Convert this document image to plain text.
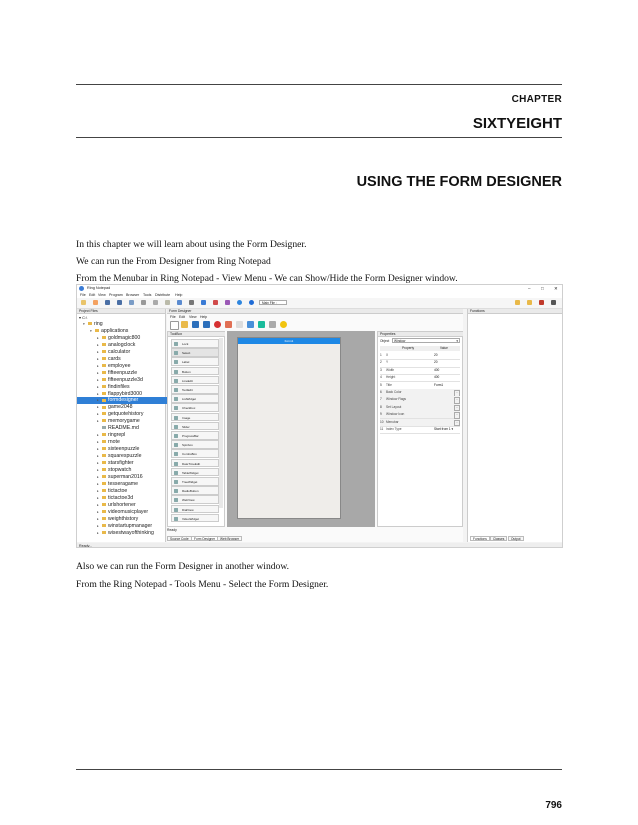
CHAPTER
SIXTYEIGHT
USING THE FORM DESIGNER
In this chapter we will learn about using the Form Designer.
We can run the From Designer from Ring Notepad
From the Menubar in Ring Notepad - View Menu - We can Show/Hide the Form Designer window.
Ring Notepad	– □ ✕
File Edit View Program Browser Tools Distribute Help
Main File :
Project Files
▾ C:\
▾ ring
▾ applications
▸ goldmagic800
▸ analogclock
▸ calculator
▸ cards
▸ employee
▸ fifteenpuzzle
▸ fifteenpuzzle3d
▸ findinfiles
▸ flappybird3000
▸ formdesigner
▸ game2048
▸ getquotehistory
▸ memorygame
README.md
▸ ringrepl
▸ rnote
▸ sixteenpuzzle
▸ squarespuzzle
▸ starsfighter
▸ stopwatch
▸ superman2016
▸ tesseragame
▸ tictactoe
▸ tictactoe3d
▸ urlshortener
▸ videomusicplayer
▸ weighthistory
▸ winstartupmanager
▸ wisestwayofthinking
Form Designer
File Edit View Help
ToolBox
Lock
Select
Label
Button
LineEdit
TextEdit
ListWidget
Checkbox
Image
Slider
ProgressBar
Spinbox
ComboBox
DateTimeEdit
TableWidget
TreeWidget
RadioButton
WebView
DialView
VideoWidget
Form1
Properties
Object	Window	▾
Property	Value
1	X	20
2	Y	20
3	Width	400
4	Height	400
5	Title	Form1
6	Back Color	...
7	Window Flags	...
8	Set Layout	...
9	Window Icon	...
10 Menubar	...
11 Index Type	Start from 1 ▾
Ready
Source Code	Form Designer	Web Browser
Functions
Functions	Classes	Output
Ready...
Also we can run the Form Designer in another window.
From the Ring Notepad - Tools Menu - Select the Form Designer.
796
